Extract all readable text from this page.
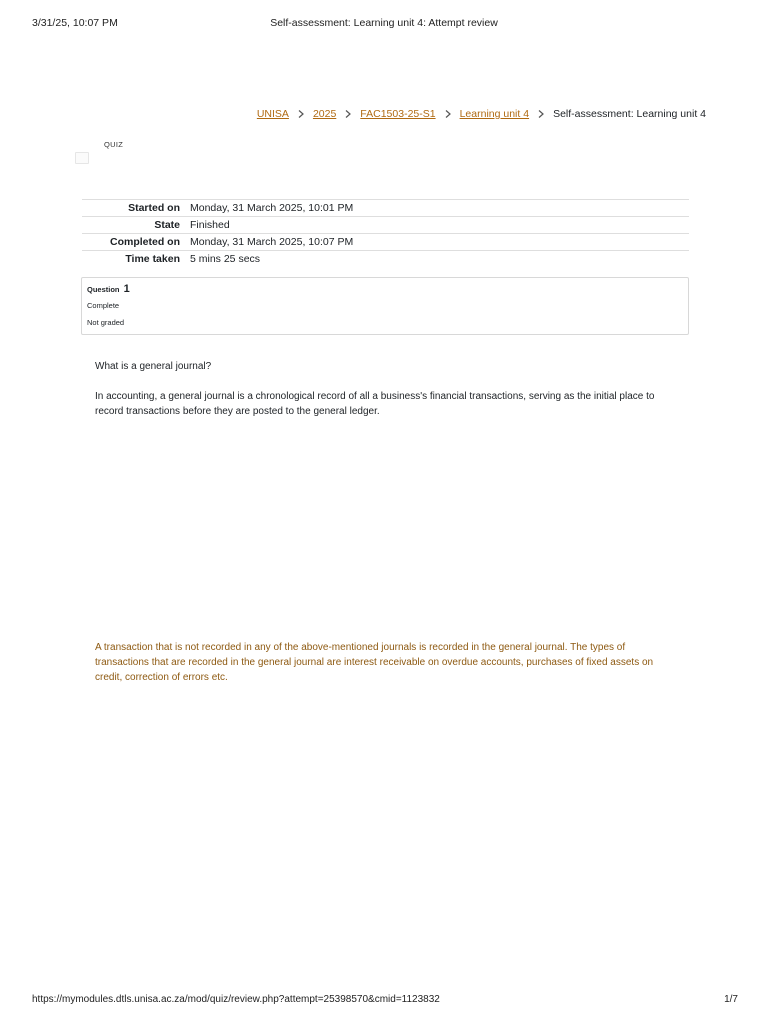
3/31/25, 10:07 PM	Self-assessment: Learning unit 4: Attempt review
UNISA 2025 FAC1503-25-S1 Learning unit 4 Self-assessment: Learning unit 4
QUIZ
Started on	Monday, 31 March 2025, 10:01 PM
State	Finished
Completed on	Monday, 31 March 2025, 10:07 PM
Time taken	5 mins 25 secs
Question 1
Complete
Not graded
What is a general journal?
In accounting, a general journal is a chronological record of all a business's financial transactions, serving as the initial place to record transactions before they are posted to the general ledger.
A transaction that is not recorded in any of the above-mentioned journals is recorded in the general journal. The types of transactions that are recorded in the general journal are interest receivable on overdue accounts, purchases of fixed assets on credit, correction of errors etc.
https://mymodules.dtls.unisa.ac.za/mod/quiz/review.php?attempt=25398570&cmid=1123832	1/7
